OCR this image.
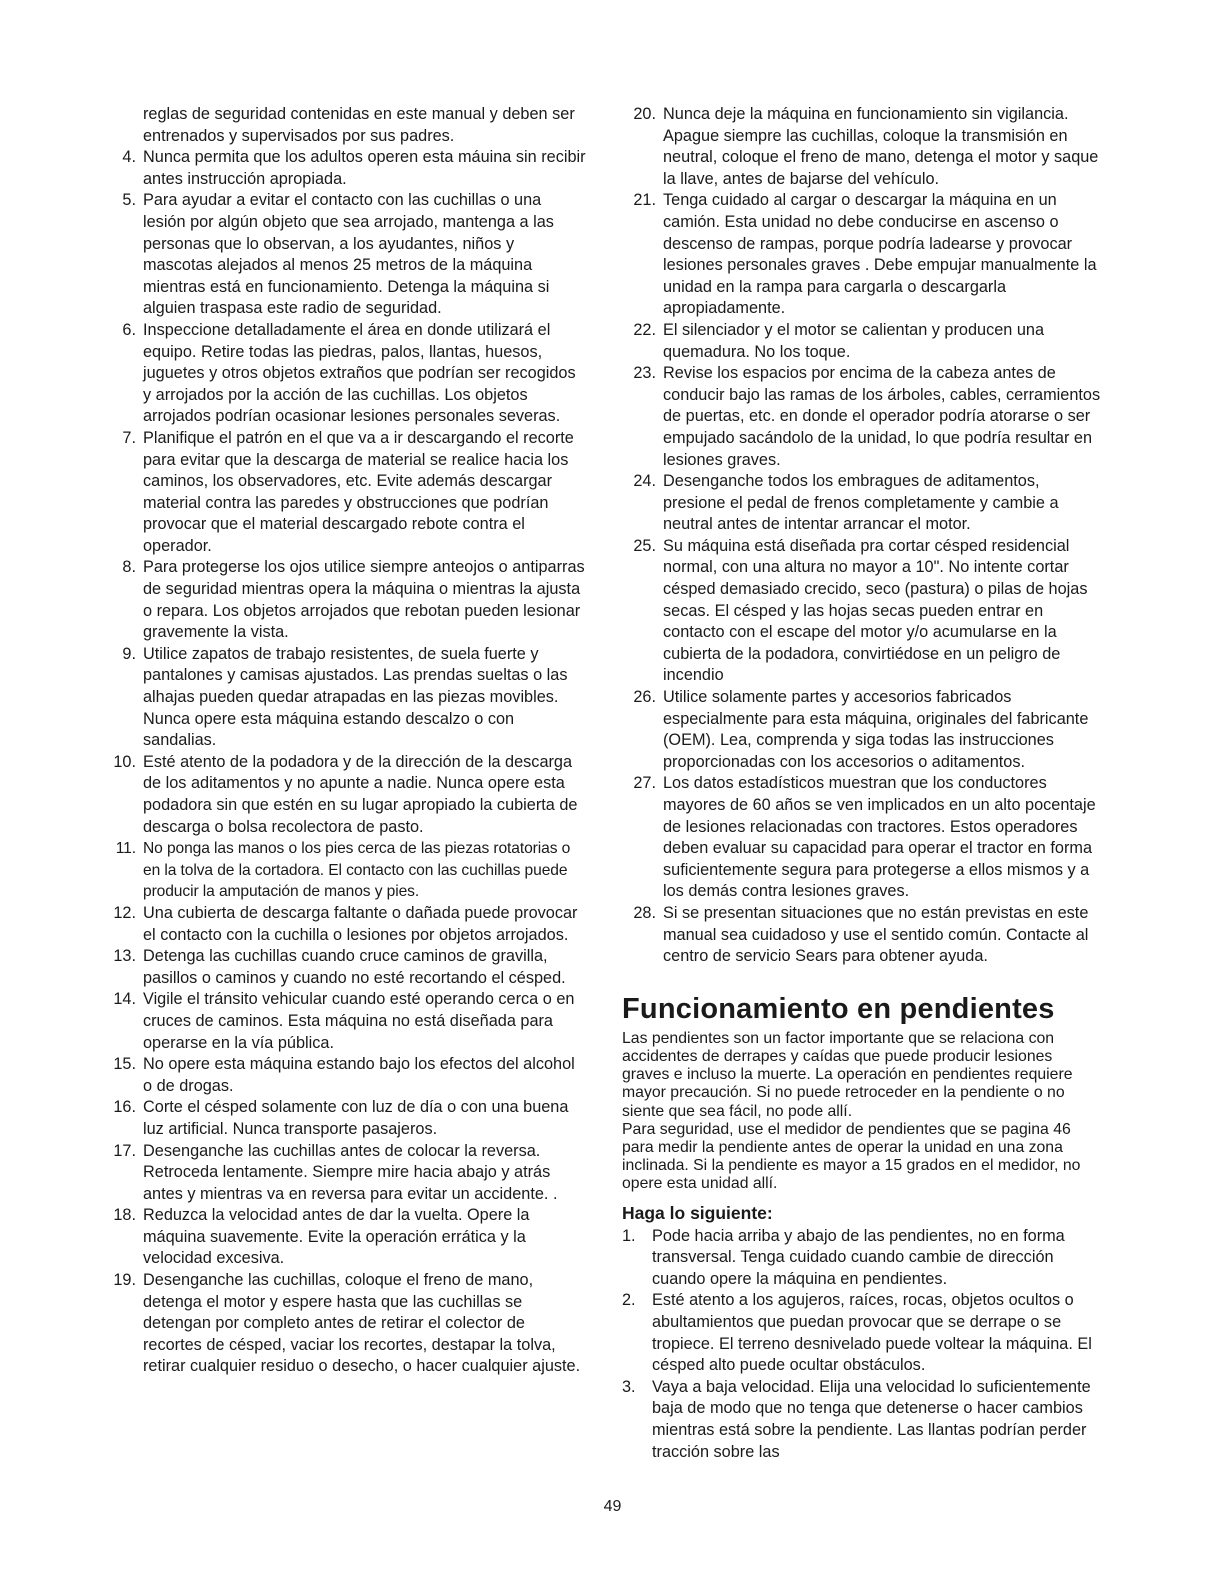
reglas de seguridad contenidas en este manual y deben ser entrenados y supervisados por sus padres.
4. Nunca permita que los adultos operen esta máuina sin recibir antes instrucción apropiada.
5. Para ayudar a evitar el contacto con las cuchillas o una lesión por algún objeto que sea arrojado, mantenga a las personas que lo observan, a los ayudantes, niños y mascotas alejados al menos 25 metros de la máquina mientras está en funcionamiento. Detenga la máquina si alguien traspasa este radio de seguridad.
6. Inspeccione detalladamente el área en donde utilizará el equipo. Retire todas las piedras, palos, llantas, huesos, juguetes y otros objetos extraños que podrían ser recogidos y arrojados por la acción de las cuchillas. Los objetos arrojados podrían ocasionar lesiones personales severas.
7. Planifique el patrón en el que va a ir descargando el recorte para evitar que la descarga de material se realice hacia los caminos, los observadores, etc. Evite además descargar material contra las paredes y obstrucciones que podrían provocar que el material descargado rebote contra el operador.
8. Para protegerse los ojos utilice siempre anteojos o antiparras de seguridad mientras opera la máquina o mientras la ajusta o repara. Los objetos arrojados que rebotan pueden lesionar gravemente la vista.
9. Utilice zapatos de trabajo resistentes, de suela fuerte y pantalones y camisas ajustados. Las prendas sueltas o las alhajas pueden quedar atrapadas en las piezas movibles. Nunca opere esta máquina estando descalzo o con sandalias.
10. Esté atento de la podadora y de la dirección de la descarga de los aditamentos y no apunte a nadie. Nunca opere esta podadora sin que estén en su lugar apropiado la cubierta de descarga o bolsa recolectora de pasto.
11. No ponga las manos o los pies cerca de las piezas rotatorias o en la tolva de la cortadora. El contacto con las cuchillas puede producir la amputación de manos y pies.
12. Una cubierta de descarga faltante o dañada puede provocar el contacto con la cuchilla o lesiones por objetos arrojados.
13. Detenga las cuchillas cuando cruce caminos de gravilla, pasillos o caminos y cuando no esté recortando el césped.
14. Vigile el tránsito vehicular cuando esté operando cerca o en cruces de caminos. Esta máquina no está diseñada para operarse en la vía pública.
15. No opere esta máquina estando bajo los efectos del alcohol o de drogas.
16. Corte el césped solamente con luz de día o con una buena luz artificial. Nunca transporte pasajeros.
17. Desenganche las cuchillas antes de colocar la reversa. Retroceda lentamente. Siempre mire hacia abajo y atrás antes y mientras va en reversa para evitar un accidente. .
18. Reduzca la velocidad antes de dar la vuelta. Opere la máquina suavemente. Evite la operación errática y la velocidad excesiva.
19. Desenganche las cuchillas, coloque el freno de mano, detenga el motor y espere hasta que las cuchillas se detengan por completo antes de retirar el colector de recortes de césped, vaciar los recortes, destapar la tolva, retirar cualquier residuo o desecho, o hacer cualquier ajuste.
20. Nunca deje la máquina en funcionamiento sin vigilancia. Apague siempre las cuchillas, coloque la transmisión en neutral, coloque el freno de mano, detenga el motor y saque la llave, antes de bajarse del vehículo.
21. Tenga cuidado al cargar o descargar la máquina en un camión. Esta unidad no debe conducirse en ascenso o descenso de rampas, porque podría ladearse y provocar lesiones personales graves . Debe empujar manualmente la unidad en la rampa para cargarla o descargarla apropiadamente.
22. El silenciador y el motor se calientan y producen una quemadura. No los toque.
23. Revise los espacios por encima de la cabeza antes de conducir bajo las ramas de los árboles, cables, cerramientos de puertas, etc. en donde el operador podría atorarse o ser empujado sacándolo de la unidad, lo que podría resultar en lesiones graves.
24. Desenganche todos los embragues de aditamentos, presione el pedal de frenos completamente y cambie a neutral antes de intentar arrancar el motor.
25. Su máquina está diseñada pra cortar césped residencial normal, con una altura no mayor a 10". No intente cortar césped demasiado crecido, seco (pastura) o pilas de hojas secas. El césped y las hojas secas pueden entrar en contacto con el escape del motor y/o acumularse en la cubierta de la podadora, convirtiédose en un peligro de incendio
26. Utilice solamente partes y accesorios fabricados especialmente para esta máquina, originales del fabricante (OEM). Lea, comprenda y siga todas las instrucciones proporcionadas con los accesorios o aditamentos.
27. Los datos estadísticos muestran que los conductores mayores de 60 años se ven implicados en un alto pocentaje de lesiones relacionadas con tractores. Estos operadores deben evaluar su capacidad para operar el tractor en forma suficientemente segura para protegerse a ellos mismos y a los demás contra lesiones graves.
28. Si se presentan situaciones que no están previstas en este manual sea cuidadoso y use el sentido común. Contacte al centro de servicio Sears para obtener ayuda.
Funcionamiento en pendientes

Las pendientes son un factor importante que se relaciona con accidentes de derrapes y caídas que puede producir lesiones graves e incluso la muerte. La operación en pendientes requiere mayor precaución. Si no puede retroceder en la pendiente o no siente que sea fácil, no pode allí.

Para seguridad, use el medidor de pendientes que se pagina 46 para medir la pendiente antes de operar la unidad en una zona inclinada. Si la pendiente es mayor a 15 grados en el medidor, no opere esta unidad allí.

Haga lo siguiente:
1. Pode hacia arriba y abajo de las pendientes, no en forma transversal. Tenga cuidado cuando cambie de dirección cuando opere la máquina en pendientes.
2. Esté atento a los agujeros, raíces, rocas, objetos ocultos o abultamientos que puedan provocar que se derrape o se tropiece. El terreno desnivelado puede voltear la máquina. El césped alto puede ocultar obstáculos.
3. Vaya a baja velocidad. Elija una velocidad lo suficientemente baja de modo que no tenga que detenerse o hacer cambios mientras está sobre la pendiente. Las llantas podrían perder tracción sobre las
49
